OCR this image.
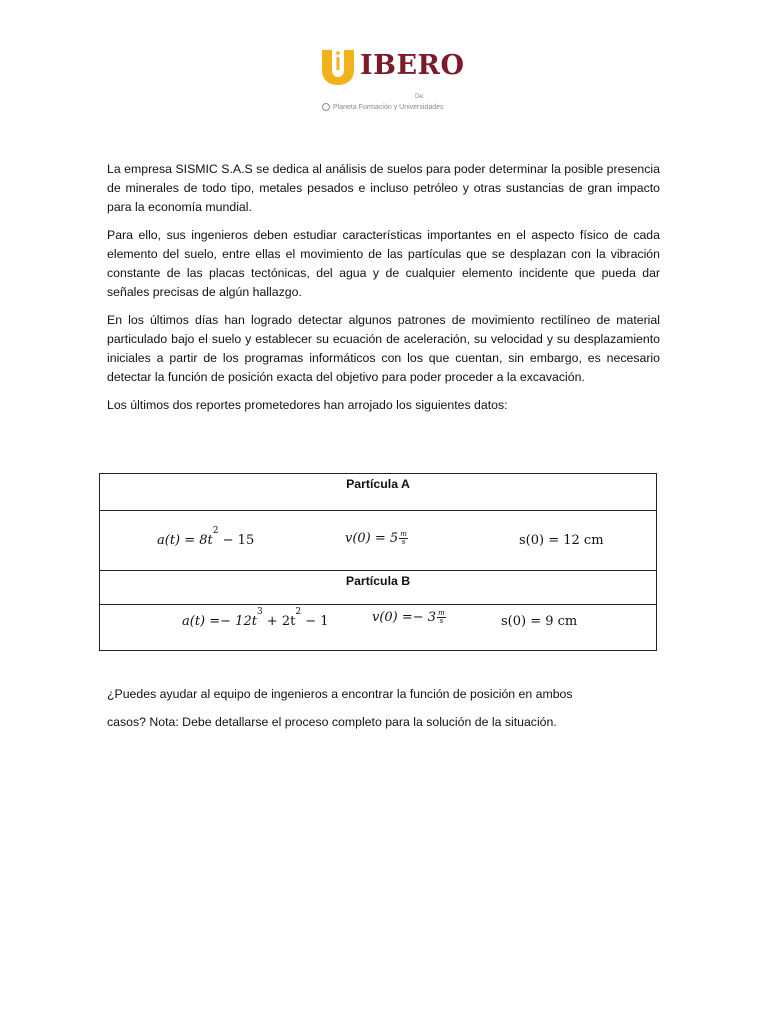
IBERO
De:
Planeta Formación y Universidades

La empresa SISMIC S.A.S se dedica al análisis de suelos para poder determinar la posible presencia de minerales de todo tipo, metales pesados e incluso petróleo y otras sustancias de gran impacto para la economía mundial.

Para ello, sus ingenieros deben estudiar características importantes en el aspecto físico de cada elemento del suelo, entre ellas el movimiento de las partículas que se desplazan con la vibración constante de las placas tectónicas, del agua y de cualquier elemento incidente que pueda dar señales precisas de algún hallazgo.

En los últimos días han logrado detectar algunos patrones de movimiento rectilíneo de material particulado bajo el suelo y establecer su ecuación de aceleración, su velocidad y su desplazamiento iniciales a partir de los programas informáticos con los que cuentan, sin embargo, es necesario detectar la función de posición exacta del objetivo para poder proceder a la excavación.

Los últimos dos reportes prometedores han arrojado los siguientes datos:

Partícula A

$a(t) = 8t^2 - 15$	$v(0) = 5 \frac{m}{s}$	s(0) = 12 cm

Partícula B

$a(t) =- 12t^3 + 2t^2 - 1$	$v(0) =- 3 \frac{m}{s}$	s(0) = 9 cm

¿Puedes ayudar al equipo de ingenieros a encontrar la función de posición en ambos

casos? Nota: Debe detallarse el proceso completo para la solución de la situación.
